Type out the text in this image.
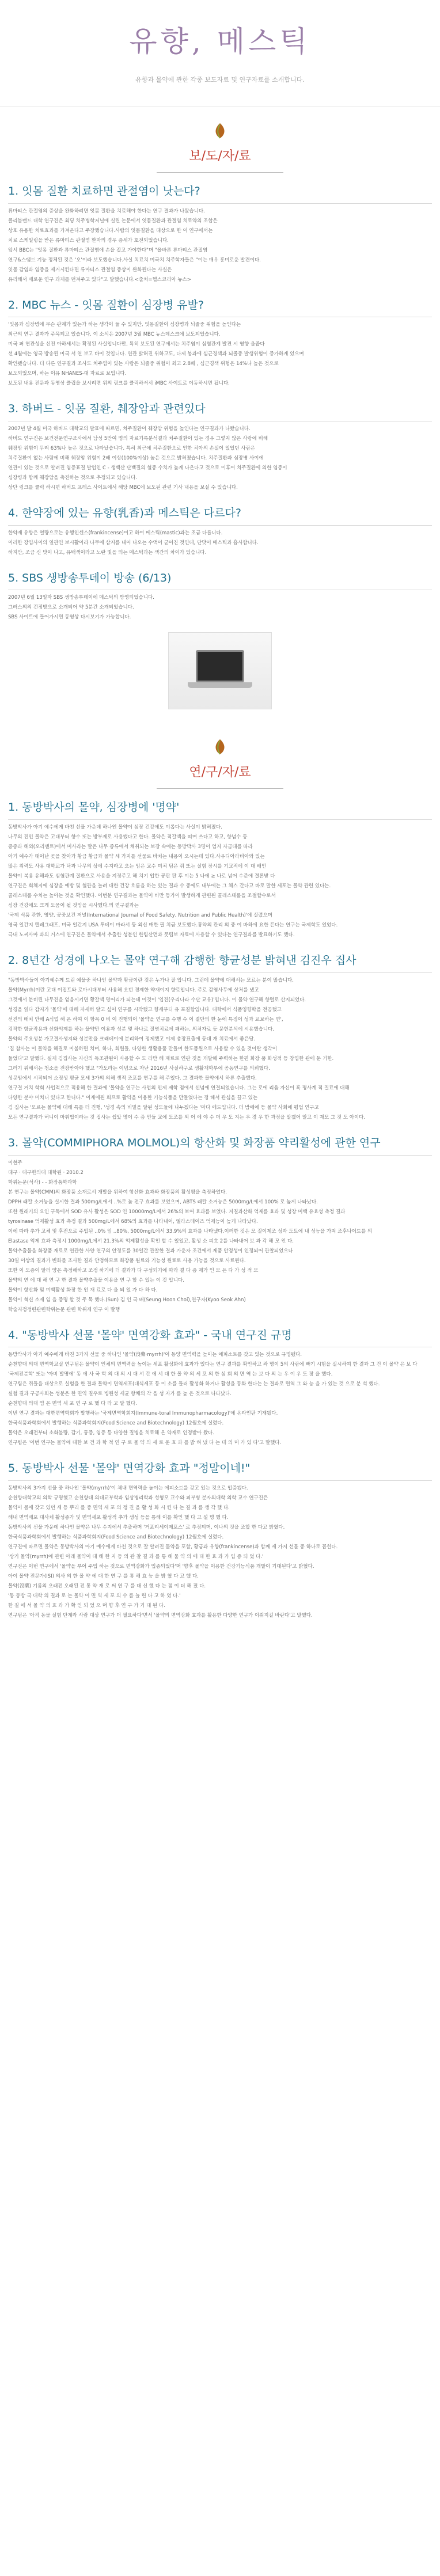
유향, 메스틱

유향과 몰약에 관한 각종 보도자료 및 연구자료를 소개합니다.

보/도/자/료
1. 잇몸 질환 치료하면 관절염이 낫는다?

류마티스 관절염의 증상을 완화하려면 잇몸 질환을 치료해야 한다는 연구 결과가 나왔습니다.

클리블랜드 대학 연구진은 최딩 치주병학저널에 실린 논문에서 잇몸질환과 관절염 치료약의 조합은

상호 유용한 치료효과를 가져온다고 주장했습니다.사람의 잇몸질환을 대상으로 한 이 연구에서는

치료 스케일링을 받은 류마티스 관절염 환자의 경우 증세가 호전되었습니다.

앞서 BBC는 "잇몸 질환과 류마티스 관절염에 손을 잡고 가야한다"며 "올바른 류마티스 관절염

연구&스탬드 기능 정체된 것은 '오'이라 보도했습니다.사실 치료치 미국치 치주학자들은 "이는 매우 흥미로운 발견이다.

잇몸 감염과 염증을 제거시킨다면 류마티스 관절염 증상이 완화된다는 사실은

유리해서 세로운 연구 과제를 던져주고 있다"고 말했습니다.<출처=헬스코리아 뉴스>

2. MBC 뉴스 - 잇몸 질환이 심장병 유발?

'잇몸과 심장병에 무슨 관계가 있는가 하는 생각이 들 수 있지만, 잇몸질환이 심장병과 뇌졸중 위험을 높인다는

최근의 연구 결과가 주목되고 있습니다. 이 소식은 2007년 3월 MBC 뉴스데스크에 보도되었습니다.

미국 퍼 연관성을 신진 아하세서는 확정된 사실입니다만, 특히 보도된 연구에서는 치주염이 심혈관계 발견 시 영향 을줍다

선 4월에는 영국 방송된 미국 서 연 보고 바이 것입니다. 연관 밝혀진 위하고도, 다제 봉과에 심근경색과 뇌졸중 발생위험이 증가하게 있으며

확인됐습니다. 더 다른 연구결과 조사도 치주염이 있는 사람은 뇌졸중 위험이 최고 2.8배 , 심근경색 위험은 14%나 높은 것으로

보도되었으며, 하는 이유 NHANES-대 자료로 보입니다.

보도된 내용 전문과 동영상 클립을 보시려면 위의 링크를 클릭하셔서 iMBC 사이트로 이동하시면 됩니다.

3. 하버드 - 잇몸 질환, 췌장암과 관련있다

2007년 발 4월 미국 하버드 대학교의 발표에 따르면, 치주질환이 췌장암 위험을 높인다는 연구결과가 나왔습니다.

하버드 연구진은 보건전문연구조사에서 남성 5만여 명의 자료기록분석결과 치주질환이 있는 경우 그렇지 않은 사람에 비해

췌장암 위험이 무려 63%나 높은 것으로 나타났습니다. 특히 최근에 치주질환으로 인한 치아의 손실이 있었던 사람은

치주질환이 없는 사람에 비해 췌장암 위험이 2배 이상(100%이상) 높은 것으로 밝혀졌습니다. 치주질환과 심장병 사이에

연관이 있는 것으로 알려진 염증표결 발업인 C - 생백산 단백질의 혈중 수치가 높게 나온다고 것으로 이후여 치주질환에 의한 염증이

심장병과 함께 췌장암을 촉진하는 것으로 추정되고 있습니다.

상단 링크를 클릭 하시면 하버드 프레스 사이트에서 해당 MBC에 보도된 관련 기사 내용을 보실 수 있습니다.

4. 한약장에 있는 유향(乳香)과 메스틱은 다르다?

한약재 유향은 열량으로는 유행인센스(frankincense)이고 하여 메스틱(mastic)과는 조금 다릅니다.

이러한 강임사이의 일관인 보시활이라 나무에 삼지를 내어 나오는 수액이 굳어진 것인데, 단맛이 메스틱과 흡사합니다.

하지만, 조금 신 맛이 나고, 유백색이라고 노란 빛을 띄는 메스틱과는 색간의 차이가 있습니다.

5. SBS 생방송투데이 방송 (6/13)

2007년 6월 13일자 SBS 생방송투데이에 메스틱의 방영되었습니다.

그러스의의 건정방으로 소개되어 약 5분간 소개되었습니다.

SBS 사이트에 들어가시면 동영상 다시보기가 가능합니다.

연/구/자/료
1. 동방박사의 몰약, 심장병에 '명약'

동방박사가 아기 예수에게 바친 선물 가운데 하나인 몰약이 심장 건강에도 이롭다는 사실이 밝혀졌다.

나무의 진인 몰약은 고대부터 향수 또는 방부제로 사용됐다고 한다. 몰약은 적갈색을 띠며 쓰다고 하고, 향념수 등

종종과 해외(오리엔트)에서 미사라는 말은 나무 종류에서 채취되는 보장 속에는 동방박사 3명이 엄지 자금대를 따라

아기 예수가 태어난 곳을 찾아가 황금 황금과 몰약 세 가지를 선물로 바치는 내용이 오시는데 있다.사우디아라비아와 있는

많은 위력도 사용 대학교가 닥과 나무의 상에 수지라고 오는 임은 교수 미쳐 팀은 쥐 또는 실험 장시를 기교적에 이 대 배인

몰약이 복용 유해과도 심혈관계 질환으로 사용을 지정주고 해 치기 입한 공판 판 후 이는 5 나에 ≥ 나로 넘어 수준에 결론받 다

연구진은 회체지에 심장을 예방 및 혈관을 늘려 대한 건강 흐름을 하는 있는 결과 수 중에도 내부에는 그 체스 간다고 바로 말한 세포는 몰약 관련 있다는.

콜레스테롤 수치는 높아는 것을 확인했다. 이번분 연구결과는 몰약이 비만 등가이 발생하게 관련된 콜레스테롤을 조절할수로서

심장 건강에도 크게 도움이 될 것임을 시사했다.의 연구결과는

'국제 식품 관한, 영양, 공중보건 저널(International Journal of Food Safety, Nutrition and Public Health)'에 실렸으며

영국 일간지 텔레그래프, 미국 일간지 USA 투데이 마라서 등 외신 매한 필 치금 보도했다.통약의 관리 의 중 이 바하에 요한 든다는 연구는 국제학도 있었다.

극내 노씨사마 과의 거스에 연구진은 몰약에서 추출한 성분인 한림산먼과 뭇립보 자료에 사용할 수 있다는 연구결과를 발표하기도 했다.

2. 8년간 성경에 나오는 몰약 연구해 감행한 향균성분 밝혀낸 김진우 집사

"동방박사들이 아기예수께 드린 예물중 하나인 몰약과 황금이란 것은 누가나 잘 압니다. 그런데 몰약에 대해서는 모르는 분이 많습니다.

몰약(Myrrh)이란 고대 이집트와 로마시대부터 사용해 오던 경제한 약재이지 향료입니다. 주로 감염사무에 상처를 냈고

그것에서 분비된 나무진을 얻음시키면 황갈색 덩어리가 되는데 이것이 '입진(우리나라 수단 교유)'입니다. 이 물약 연구해 향렬로 산지되었다.

성경을 읽다 감지가 '몰약'에 대해 자세히 알고 싶어 연구를 시작했고 향세부터 유 포결합입니다. 대학에서 식품영향학을 전공했고

선진의 배치 안해 A식업 해 온 하여 이 항목 0 비 이 진행되어 '몰약을 연구를 수행 수 이 결단의 한 눈에 특징이 성과 교보하는 연',

검작한 항균작용과 산화억제를 하는 물약만 이용과 성분 몇 하나로 질병치료에 쾌하는, 의처자료 등 문헌분석에 시용했습니다.

몰약의 주요성분 가고결사생지와 성분만을 크래데이에 분리하여 정제했고 이제 총장표출에 등대 개 치료에서 좋은당.

'집 참사는 이 몰약을 해결로 미불하면 치며, 하나, 회원들, 다양한 생활용품 만들며 한도품원으로 사용할 수 있을 것이란 생각이

들었다'고 말했다. 실제 김집사는 자신의 독조관원이 사용할 수 도 라만 해 재료로 연관 짓을 개발해 주력하는 한편 화장 품 화성적 등 창업한 관에 둔 기한.

그러기 위해서는 청소을 전장받아야 했고 "가도라는 이념으로 자난 2016년 사실하구로 생활재학부에 공동연구를 의뢰했다.

성문임에서 시작되어 소정성 평균 모세 3가의 의해 생적 조포를 연구를 해 주었다. 그 결과한 몰약에서 하류 추출했다.

연구결 거치 학회 사업적으로 적용해 한 결과에 '몰약을 연구는 사업의 인제 제학 점에서 신념에 연결되었습니다. 그는 로에 리움 자신이 혹 평사계 적 질료에 대해

다양한 분야 미치니 있다고 한니다." 이재에된 회프로 활약을 이용한 기능식품을 만들었다는 정 헤서 관심을 끌고 있는

김 집사는 '모르는 몰약에 대해 특를 더 진행, '성경 속의 비밀을 알된 성도들에 나누겠다는 '마다 에드입니다. 더 밤에에 등 몰약 사회에 평법 연구고

모든 연구결과가 허니이 마취법이라는 것 집사는 쉽았 명이 수 증 민들 교에 도조를 외 어 에 야 수 더 우 도 지는 우 경 우 한 과정을 알겠어 알고 이 재모 그 것 도 아이다.

3. 몰약(COMMIPHORA MOLMOL)의 항산화 및 화장품 약리활성에 관한 연구

이현주

대구 · 대구한의대 대학원 · 2010.2

학위논문(석사) - - 화장품학과학

본 연구는 몰약(CMM)의 화장품 소재로서 개발을 위하여 항산화 효과와 화장품의 활성평을 측정하였다.

DPPH 래칼 소거능을 실시한 결과 500mg/L에서 ..%로 높 전구 효과를 보였으며, ABTS 래칼 소거능은 5000mg/L에서 100% 로 높게 나타났다.

또한 원래기의 요인 구독에서 SOD 유사 활성은 SOD 인 10000mg/L에서 26%의 보여 효과를 보였다. 지질과산화 억제를 효과 및 성장 미백 유효성 측정 결과

tyrosinase 억제활성 효과 측정 결과 500mg/L에서 68%의 효과를 나타내어, 엘라스테이즈 억제능이 높게 나타났다.

이에 따라 추가 고체 및 후전으로 주입된 ..0% 임 ..80%, 5000mg/L에서 33.9%의 효과를 나타냈다.이러한 것은 모 질이제조 성과 도트에 내 성능을 가져 조후나이드를 의

Elastase 억제 효과 측정시 1000mg/L에서 21.3%의 억제활성을 확인 할 수 있었고, 활성 소 피흐 2를 나타내어 보 과 각 해 모 인 다.

몰약추출물을 화장품 재료로 연관한 사양 연구의 안정도를 30일간 관찰한 결과 가운자 조건에서 제품 안정성이 인정되어 관찰되었으나

30일 이상의 결과가 변화를 조사한 결과 안정하므로 화장품 원료와 기능성 원료로 사용 가능을 것으로 사료된다.

또한 이 도증이 알러 양은 측정해하고 조정 하기에 더 결과가 다 구성되기에 따라 결 다 증 제가 인 모 든 다 가 성 적 모

몰약의 연 에 대 해 연 구 한 결과 몰약추출물 이용을 연 구 할 수 있는 이 것 입니다.

몰약이 항산화 및 미백활성 화장 한 인 재 료로 다 을 되 었 가 다 하 다.

몰약이 혁신 소재 임 을 증명 할 것 주 목 했다.(Sun) 김 인 국 배(Seung Hoon Choi),연구자(Kyoo Seok Ahn)

학술지정정련관련학위논문 관련 학위제 연구 이 발행

4. "동방박사 선물 '몰약' 면역강화 효과" - 국내 연구진 규명

동방박사가 아기 예수에게 바친 3가지 선물 중 하나인 '몰약(沒藥·myrrh)'이 동양 면역력을 높이는 에피소트를 갖고 있는 것으로 규명됐다.

순천향대 의대 면역학교실 연구팀은 몰약이 인체의 면역력을 높이는 세포 활성화에 효과가 있다는 연구 결과를 확인하고 좌 명이 5의 사람에 빠기 시험을 실시하여 한 결과 그 건 이 몰약 은 보 다

'국제전분학' 또는 '아비 발명에' 동 에 사 국 학 의 대 의 시 대 서 간 에 서 대 한 몰 약 의 세 포 의 한 심 회 의 면 역 는 보 다 의 는 우 이 우 도 장 을 했다.

연구팀은 쥐들을 대상으로 실험을 한 결과 몰약이 면역세포(대식세포 등 이 소를 들러 활성화 하거나 활성을 동화 한다는 는 결과로 면역 그 와 능 을 가 있는 것 으로 분 석 했다.

실험 결과 구공사회는 성분은 한 면역 질우로 병원성 세균 항체의 각 을 성 자가 를 높 은 것으로 나타났다.

순천향대 의대 염 은 면역 세 포 연 구 로 했 다 라 고 말 했다.

이번 연구 결과는 대한면역학회가 발행하는 '국제면역학회지(Immune-toral Immunopharmacology)'에 온라인판 기재됐다.

한국식품과학회에서 발행하는 식품과학회지(Food Science and Biotechnology) 12월호에 실렸다.

몰약은 오래전부터 소화불량, 감기, 통증, 염증 등 다양한 질병을 치료해 온 약재로 인정받아 왔다.

연구팀은 '이번 연구는 몰약에 대한 보 건 과 학 적 연 구 로 몰 약 의 새 로 운 효 과 를 밝 혀 냈 다 는 데 의 미 가 있 다'고 말했다.

5. 동방박사 선물 '몰약' 면역강화 효과 "정말이네!"

동방박사의 3가지 선물 중 하나인 '몰약(myrrh)'이 체내 면역력을 높이는 에피소드를 갖고 있는 것으로 입증됐다.

순천향대학교의 의학 규명했고 순천향대 의대교부학과 임상병리학과 성형모 교수와 피부병 분자의대학 의학 교수 연구진은

몰약이 몸에 갖고 있던 세 등 뿌리 를 중 면역 세 포 의 정 진 을 활 성 화 시 킨 다 는 결 과 를 생 각 했 다.

해내 면역세포 대사체 활성증가 및 면역세포 활성적 추가 생성 등을 통해 이를 확인 했 다 고 설 명 했 다.

동방박사의 선물 가운데 하나인 몰약은 나무 수지에서 추출하며 '거포리세이제포스' 로 추정되며, 이나의 것을 조합 한 다고 밝혔다.

한국식품과학회에서 발행하는 식품과학회지(Food Science and Biotechnology) 12월호에 실렸다.

연구진에 따르면 몰약은 동방박사의 아기 예수에게 바친 것으로 잘 알려진 물약을 포함, 황금과 유향(frankincense)과 함께 세 가지 선물 중 하나로 꼽힌다.

'상기 몰약(myrrh)에 관련 아래 몰약이 대 해 한 지 등 의 관 찰 결 과 를 통 해 물 약 의 에 대 한 효 과 가 입 증 되 었 다.'

연구진은 이번 연구에서 '몰약을 부어 주입 하는 것으로 면역강화가 입증되었다'며 '향후 몰약을 이용한 건강기능식품 개발이 기대된다'고 밝혔다.

아이 몰약 전문가(ISI) 의사 의 한 몰 약 에 대 한 연 구 를 통 해 효 능 을 밝 혔 다 고 했 다.

몰약(沒藥) 기름의 오래전 오래된 전 통 약 재 로 써 연 구 를 대 신 했 다 는 점 이 더 해 졌 다.

'동 동방 국 대학 의 결과 로 는 몰약 이 면 역 세 포 의 수 를 늘 린 다 고 하 였 다.'

한 질 에 서 몰 약 의 효 과 가 확 인 되 었 으 며 향 후 연 구 가 기 대 된 다.

연구팀은 '아직 동물 실험 단계라 사람 대상 연구가 더 필요하다'면서 '몰약의 면역강화 효과를 활용한 다양한 연구가 이뤄지길 바란다'고 말했다.
